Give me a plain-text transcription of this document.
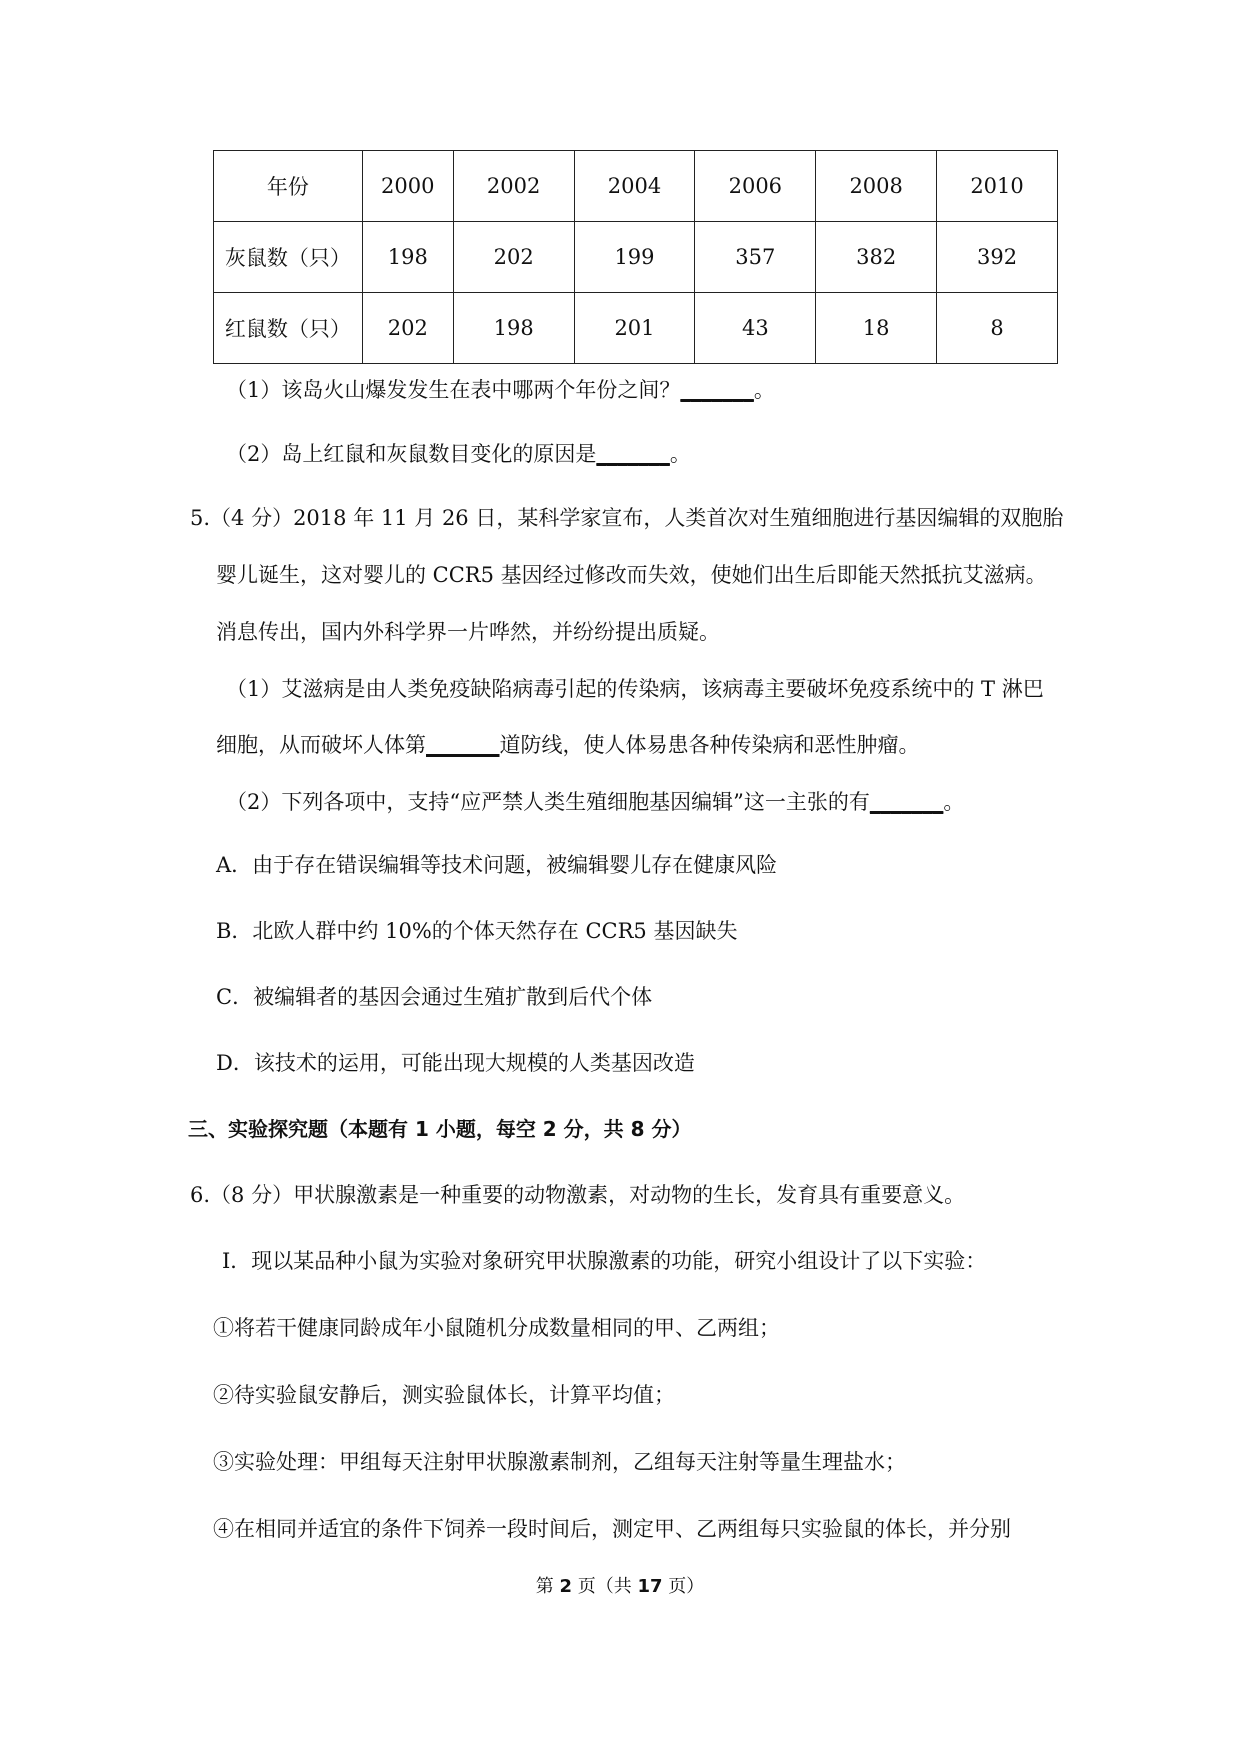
年份	2000	2002	2004	2006	2008	2010
灰鼠数（只）	198	202	199	357	382	392
红鼠数（只）	202	198	201	43	18	8
（1）该岛火山爆发发生在表中哪两个年份之间？_______。
（2）岛上红鼠和灰鼠数目变化的原因是_______。
5.（4 分）2018 年 11 月 26 日，某科学家宣布，人类首次对生殖细胞进行基因编辑的双胞胎
婴儿诞生，这对婴儿的 CCR5 基因经过修改而失效，使她们出生后即能天然抵抗艾滋病。
消息传出，国内外科学界一片哗然，并纷纷提出质疑。
（1）艾滋病是由人类免疫缺陷病毒引起的传染病，该病毒主要破坏免疫系统中的 T 淋巴
细胞，从而破坏人体第_______道防线，使人体易患各种传染病和恶性肿瘤。
（2）下列各项中，支持“应严禁人类生殖细胞基因编辑”这一主张的有_______。
A．由于存在错误编辑等技术问题，被编辑婴儿存在健康风险
B．北欧人群中约 10%的个体天然存在 CCR5 基因缺失
C．被编辑者的基因会通过生殖扩散到后代个体
D．该技术的运用，可能出现大规模的人类基因改造
三、实验探究题（本题有 1 小题，每空 2 分，共 8 分）
6.（8 分）甲状腺激素是一种重要的动物激素，对动物的生长，发育具有重要意义。
Ⅰ．现以某品种小鼠为实验对象研究甲状腺激素的功能，研究小组设计了以下实验：
①将若干健康同龄成年小鼠随机分成数量相同的甲、乙两组；
②待实验鼠安静后，测实验鼠体长，计算平均值；
③实验处理：甲组每天注射甲状腺激素制剂，乙组每天注射等量生理盐水；
④在相同并适宜的条件下饲养一段时间后，测定甲、乙两组每只实验鼠的体长，并分别
第 2 页（共 17 页）
